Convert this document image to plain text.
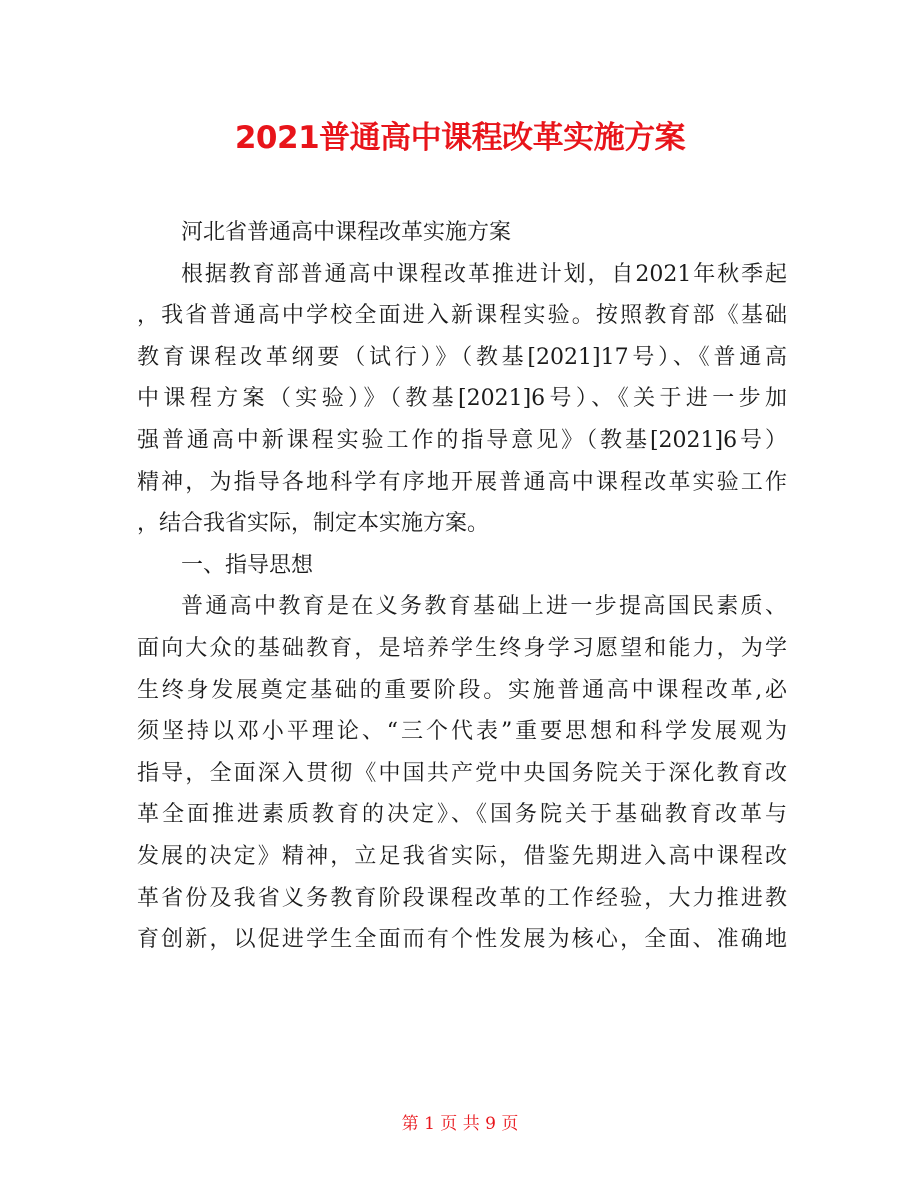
2021普通高中课程改革实施方案
河北省普通高中课程改革实施方案
根据教育部普通高中课程改革推进计划，自2021年秋季起
，我省普通高中学校全面进入新课程实验。按照教育部《基础
教育课程改革纲要（试行）》（教基[2021]17号）、《普通高
中课程方案（实验）》（教基[2021]6号）、《关于进一步加
强普通高中新课程实验工作的指导意见》（教基[2021]6号）
精神，为指导各地科学有序地开展普通高中课程改革实验工作
，结合我省实际，制定本实施方案。
一、指导思想
普通高中教育是在义务教育基础上进一步提高国民素质、
面向大众的基础教育，是培养学生终身学习愿望和能力，为学
生终身发展奠定基础的重要阶段。实施普通高中课程改革,必
须坚持以邓小平理论、“三个代表”重要思想和科学发展观为
指导，全面深入贯彻《中国共产党中央国务院关于深化教育改
革全面推进素质教育的决定》、《国务院关于基础教育改革与
发展的决定》精神，立足我省实际，借鉴先期进入高中课程改
革省份及我省义务教育阶段课程改革的工作经验，大力推进教
育创新，以促进学生全面而有个性发展为核心，全面、准确地
第 1 页 共 9 页
